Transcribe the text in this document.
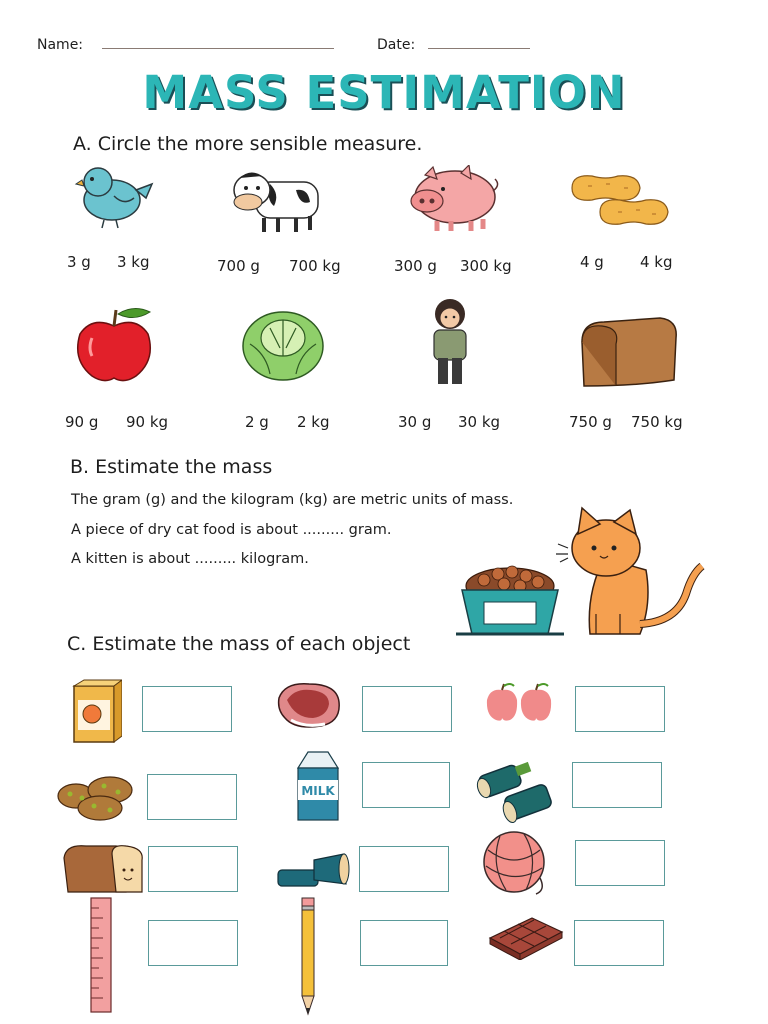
Name:	Date:
MASS ESTIMATION
A. Circle the more sensible measure.
3 g 3 kg	700 g 700 kg	300 g 300 kg	4 g 4 kg
90 g 90 kg	2 g 2 kg	30 g 30 kg	750 g 750 kg
B. Estimate the mass
The gram (g) and the kilogram (kg) are metric units of mass.
A piece of dry cat food is about ......... gram.
A kitten is about ......... kilogram.
C. Estimate the mass of each object
MILK
